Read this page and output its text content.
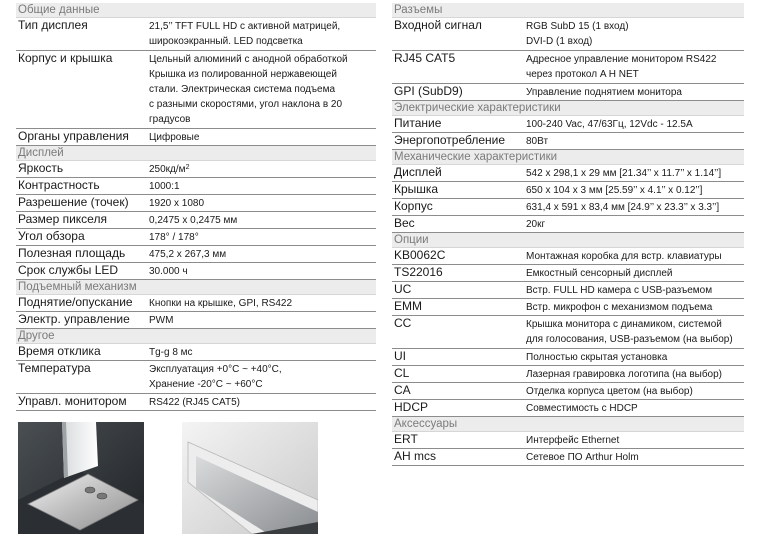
Общие данные
Тип дисплея	21,5’’ TFT FULL HD с активной матрицей,
широкоэкранный. LED подсветка
Корпус и крышка	Цельный алюминий с анодной обработкой
Крышка из полированной нержавеющей
стали. Электрическая система подъема
с разными скоростями, угол наклона в 20
градусов
Органы управления	Цифровые
Дисплей
Яркость	$250кд/м^2$
Контрастность	1000:1
Разрешение (точек)	1920 x 1080
Размер пикселя	0,2475 x 0,2475 мм
Угол обзора	178° / 178°
Полезная площадь	475,2 x 267,3 мм
Срок службы LED	30.000 ч
Подъемный механизм
Поднятие/опускание	Кнопки на крышке, GPI, RS422
Электр. управление	PWM
Другое
Время отклика	Tg-g 8 мс
Температура	Эксплуатация +0°C ~ +40°C,
Хранение -20°C ~ +60°C
Управл. монитором	RS422 (RJ45 CAT5)
Разъемы
Входной сигнал	RGB SubD 15 (1 вход)
DVI-D (1 вход)
RJ45 CAT5	Адресное управление монитором RS422
через протокол A H NET
GPI (SubD9)	Управление поднятием монитора
Электрические характеристики
Питание	100-240 Vac, 47/63Гц, 12Vdc - 12.5A
Энергопотребление	80Вт
Механические характеристики
Дисплей	542 x 298,1 x 29 мм [21.34’’ x 11.7’’ x 1.14’’]
Крышка	650 x 104 x 3 мм [25.59’’ x 4.1’’ x 0.12’’]
Корпус	631,4 x 591 x 83,4 мм [24.9’’ x 23.3’’ x 3.3’’]
Вес	20кг
Опции
KB0062C	Монтажная коробка для встр. клавиатуры
TS22016	Емкостный сенсорный дисплей
UC	Встр. FULL HD камера с USB-разъемом
EMM	Встр. микрофон с механизмом подъема
CC	Крышка монитора с динамиком, системой
для голосования, USB-разъемом (на выбор)
UI	Полностью скрытая установка
CL	Лазерная гравировка логотипа (на выбор)
CA	Отделка корпуса цветом (на выбор)
HDCP	Совместимость с HDCP
Аксессуары
ERT	Интерфейс Ethernet
AH mcs	Сетевое ПО Arthur Holm
